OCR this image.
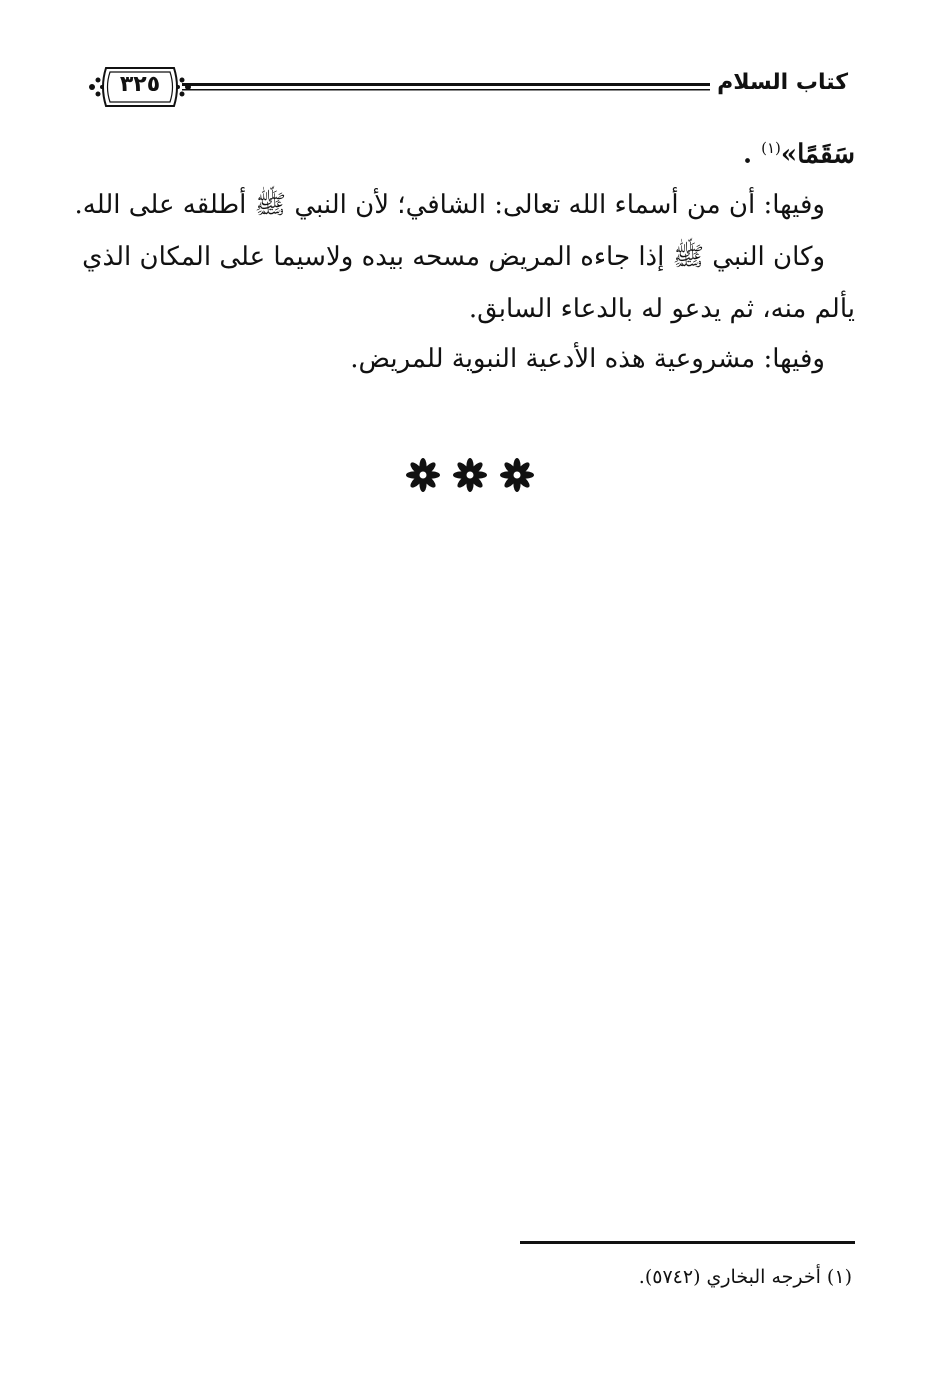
كتاب السلام
٣٢٥
سَقَمًا»$^{(١)}$ .
وفيها: أن من أسماء الله تعالى: الشافي؛ لأن النبي ﷺ أطلقه على الله.
وكان النبي ﷺ إذا جاءه المريض مسحه بيده ولاسيما على المكان الذي
يألم منه، ثم يدعو له بالدعاء السابق.
وفيها: مشروعية هذه الأدعية النبوية للمريض.
(١) أخرجه البخاري (٥٧٤٢).
